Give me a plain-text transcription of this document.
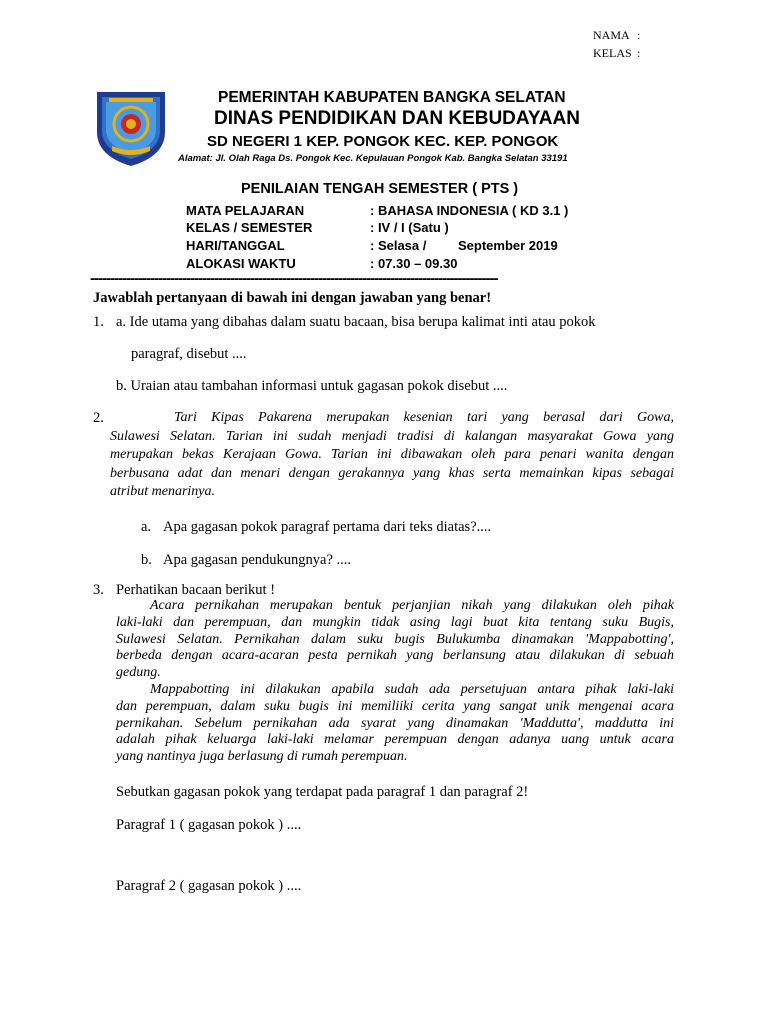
NAMA :
KELAS :
PEMERINTAH KABUPATEN BANGKA SELATAN
DINAS PENDIDIKAN DAN KEBUDAYAAN
SD NEGERI 1 KEP. PONGOK KEC. KEP. PONGOK
Alamat: Jl. Olah Raga Ds. Pongok Kec. Kepulauan Pongok Kab. Bangka Selatan 33191
PENILAIAN TENGAH SEMESTER ( PTS )
MATA PELAJARAN	: BAHASA INDONESIA ( KD 3.1 )
KELAS / SEMESTER	: IV / I (Satu )
HARI/TANGGAL	: Selasa / September 2019
ALOKASI WAKTU	: 07.30 – 09.30
------------------------------------------------------------------------------------------------------
Jawablah pertanyaan di bawah ini dengan jawaban yang benar!
1. a. Ide utama yang dibahas dalam suatu bacaan, bisa berupa kalimat inti atau pokok
paragraf, disebut ....
b. Uraian atau tambahan informasi untuk gagasan pokok disebut ....
2.	Tari Kipas Pakarena merupakan kesenian tari yang berasal dari Gowa,
Sulawesi Selatan. Tarian ini sudah menjadi tradisi di kalangan masyarakat Gowa yang
merupakan bekas Kerajaan Gowa. Tarian ini dibawakan oleh para penari wanita dengan
berbusana adat dan menari dengan gerakannya yang khas serta memainkan kipas sebagai
atribut menarinya.
a. Apa gagasan pokok paragraf pertama dari teks diatas?....
b. Apa gagasan pendukungnya? ....
3. Perhatikan bacaan berikut !
Acara pernikahan merupakan bentuk perjanjian nikah yang dilakukan oleh pihak
laki-laki dan perempuan, dan mungkin tidak asing lagi buat kita tentang suku Bugis,
Sulawesi Selatan. Pernikahan dalam suku bugis Bulukumba dinamakan 'Mappabotting',
berbeda dengan acara-acaran pesta pernikah yang berlansung atau dilakukan di sebuah
gedung.
Mappabotting ini dilakukan apabila sudah ada persetujuan antara pihak laki-laki
dan perempuan, dalam suku bugis ini memiliiki cerita yang sangat unik mengenai acara
pernikahan. Sebelum pernikahan ada syarat yang dinamakan 'Maddutta', maddutta ini
adalah pihak keluarga laki-laki melamar perempuan dengan adanya uang untuk acara
yang nantinya juga berlasung di rumah perempuan.
Sebutkan gagasan pokok yang terdapat pada paragraf 1 dan paragraf 2!
Paragraf 1 ( gagasan pokok ) ....
Paragraf 2 ( gagasan pokok ) ....
